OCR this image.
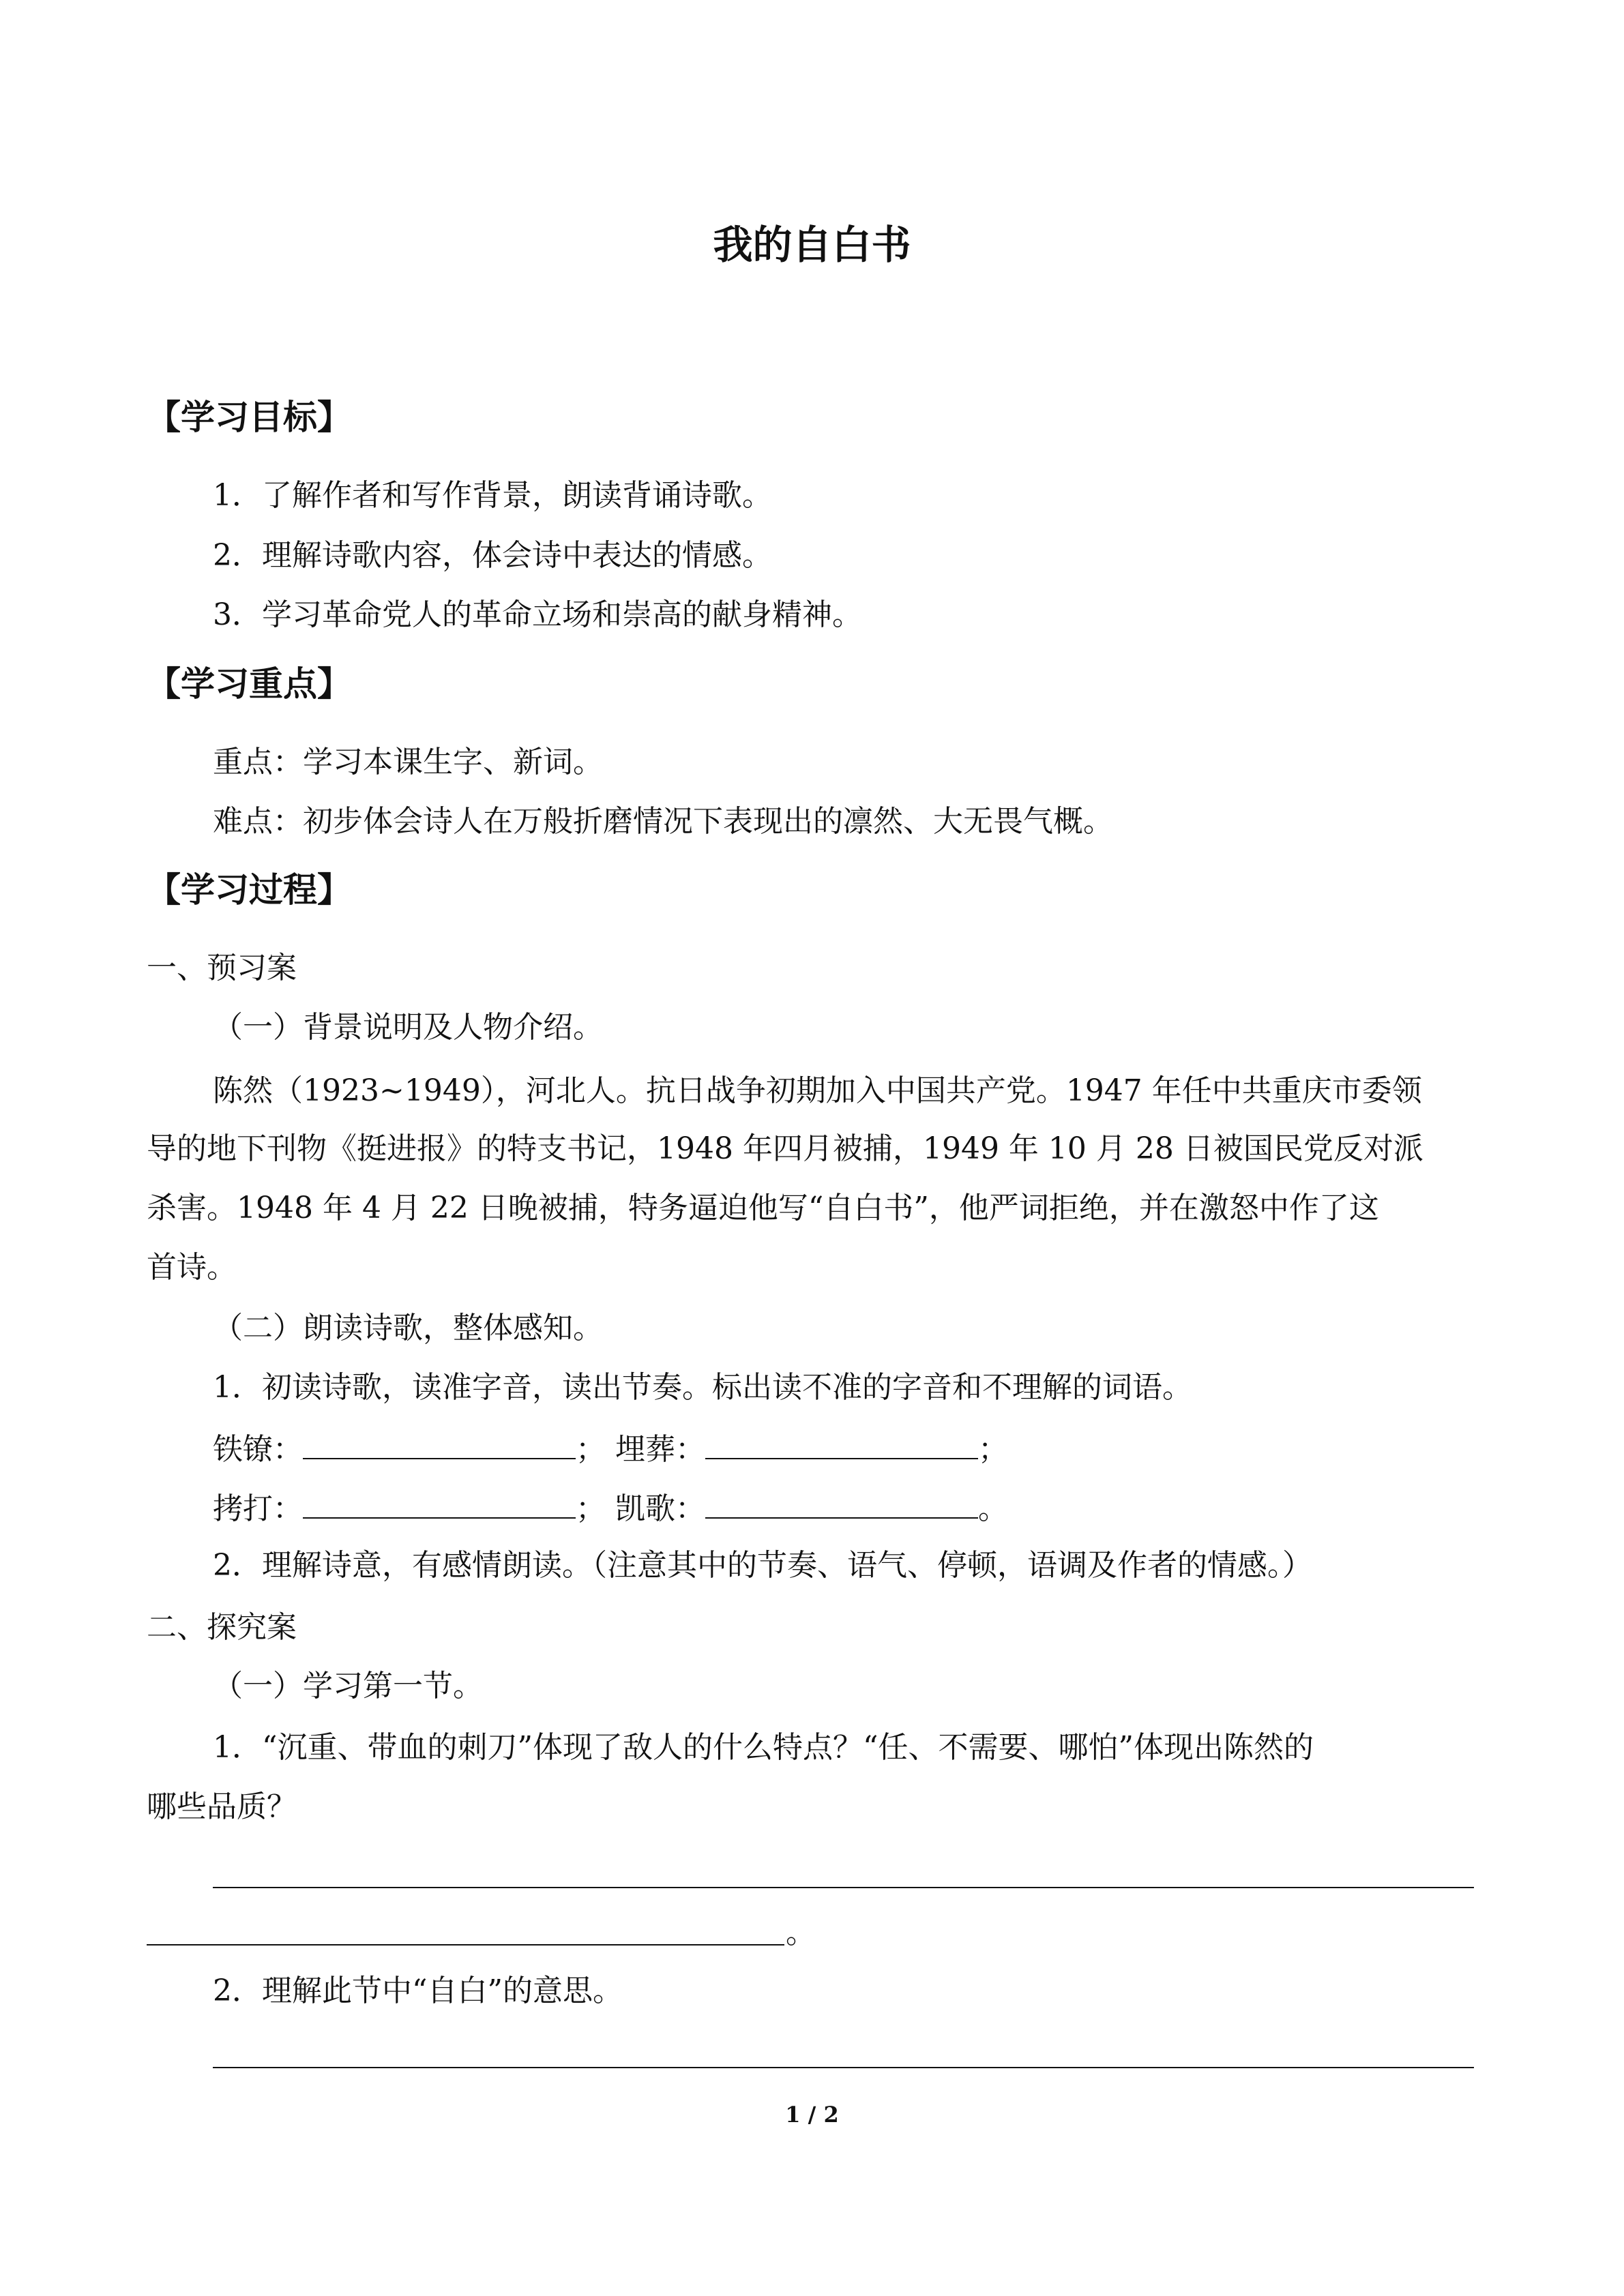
我的自白书
【学习目标】
1．了解作者和写作背景，朗读背诵诗歌。
2．理解诗歌内容，体会诗中表达的情感。
3．学习革命党人的革命立场和崇高的献身精神。
【学习重点】
重点：学习本课生字、新词。
难点：初步体会诗人在万般折磨情况下表现出的凛然、大无畏气概。
【学习过程】
一、预习案
（一）背景说明及人物介绍。
陈然（1923~1949），河北人。抗日战争初期加入中国共产党。1947 年任中共重庆市委领
导的地下刊物《挺进报》的特支书记，1948 年四月被捕，1949 年 10 月 28 日被国民党反对派
杀害。1948 年 4 月 22 日晚被捕，特务逼迫他写“自白书”，他严词拒绝，并在激怒中作了这
首诗。
（二）朗读诗歌，整体感知。
1．初读诗歌，读准字音，读出节奏。标出读不准的字音和不理解的词语。
铁镣：	； 埋葬：	；
拷打：	； 凯歌：	。
2．理解诗意，有感情朗读。（注意其中的节奏、语气、停顿，语调及作者的情感。）
二、探究案
（一）学习第一节。
1．“沉重、带血的刺刀”体现了敌人的什么特点？“任、不需要、哪怕”体现出陈然的
哪些品质？
。
2．理解此节中“自白”的意思。
1 / 2
